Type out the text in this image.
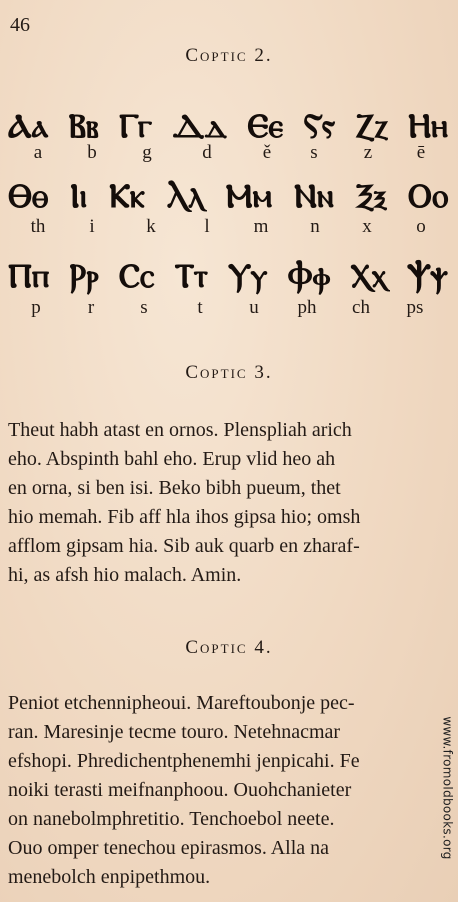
46
Coptic 2.
Ⲁⲁ Ⲃⲃ Ⲅⲅ Ⲇⲇ Ⲉⲉ Ⲋⲋ Ⲍⲍ Ⲏⲏ
a b g	d	ě s z ē
Ⲑⲑ Ⲓⲓ Ⲕⲕ Ⲗⲗ Ⲙⲙ Ⲛⲛ Ⲝⲝ Ⲟⲟ
th i	k	l m n x o
Ⲡⲡ Ⲣⲣ Ⲥⲥ Ⲧⲧ Ⲩⲩ Ⲫⲫ Ⲭⲭ Ⲯⲯ
p r s	t u ph ch ps
Coptic 3.

Theut habh atast en ornos. Plenspliah arich
eho. Abspinth bahl eho. Erup vlid heo ah
en orna, si ben isi. Beko bibh pueum, thet
hio memah. Fib aff hla ihos gipsa hio; omsh
afflom gipsam hia. Sib auk quarb en zharaf-
hi, as afsh hio malach. Amin.

Coptic 4.

Peniot etchennipheoui. Mareftoubonje pec-
ran. Maresinje tecme touro. Netehnacmar
efshopi. Phredichentphenemhi jenpicahi. Fe
noiki terasti meifnanphoou. Ouohchanieter
on nanebolmphretitio. Tenchoebol neete.
Ouo omper tenechou epirasmos. Alla na
menebolch enpipethmou.

www.fromoldbooks.org
